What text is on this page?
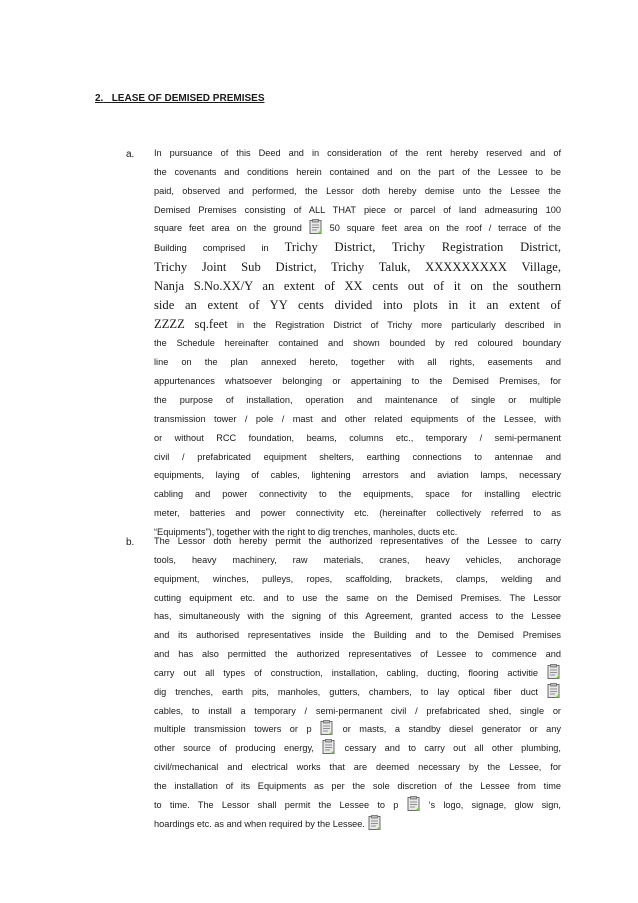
2. LEASE OF DEMISED PREMISES
a. In pursuance of this Deed and in consideration of the rent hereby reserved and of
the covenants and conditions herein contained and on the part of the Lessee to be
paid, observed and performed, the Lessor doth hereby demise unto the Lessee the
Demised Premises consisting of ALL THAT piece or parcel of land admeasuring 100
square feet area on the ground	50 square feet area on the roof / terrace of the
Building comprised in Trichy District, Trichy Registration District,
Trichy Joint Sub District, Trichy Taluk, XXXXXXXXX Village,
Nanja S.No.XX/Y an extent of XX cents out of it on the southern
side an extent of YY cents divided into plots in it an extent of
ZZZZ sq.feet in the Registration District of Trichy more particularly described in
the Schedule hereinafter contained and shown bounded by red coloured boundary
line on the plan annexed hereto, together with all rights, easements and
appurtenances whatsoever belonging or appertaining to the Demised Premises, for
the purpose of installation, operation and maintenance of single or multiple
transmission tower / pole / mast and other related equipments of the Lessee, with
or without RCC foundation, beams, columns etc., temporary / semi-permanent
civil / prefabricated equipment shelters, earthing connections to antennae and
equipments, laying of cables, lightening arrestors and aviation lamps, necessary
cabling and power connectivity to the equipments, space for installing electric
meter, batteries and power connectivity etc. (hereinafter collectively referred to as
“Equipments”), together with the right to dig trenches, manholes, ducts etc.
b. The Lessor doth hereby permit the authorized representatives of the Lessee to carry
tools, heavy machinery, raw materials, cranes, heavy vehicles, anchorage
equipment, winches, pulleys, ropes, scaffolding, brackets, clamps, welding and
cutting equipment etc. and to use the same on the Demised Premises. The Lessor
has, simultaneously with the signing of this Agreement, granted access to the Lessee
and its authorised representatives inside the Building and to the Demised Premises
and has also permitted the authorized representatives of Lessee to commence and
carry out all types of construction, installation, cabling, ducting, flooring activitie
dig trenches, earth pits, manholes, gutters, chambers, to lay optical fiber duct
cables, to install a temporary / semi-permanent civil / prefabricated shed, single or
multiple transmission towers or p	or masts, a standby diesel generator or any
other source of producing energy,	cessary and to carry out all other plumbing,
civil/mechanical and electrical works that are deemed necessary by the Lessee, for
the installation of its Equipments as per the sole discretion of the Lessee from time
to time. The Lessor shall permit the Lessee to p	's logo, signage, glow sign,
hoardings etc. as and when required by the Lessee.
